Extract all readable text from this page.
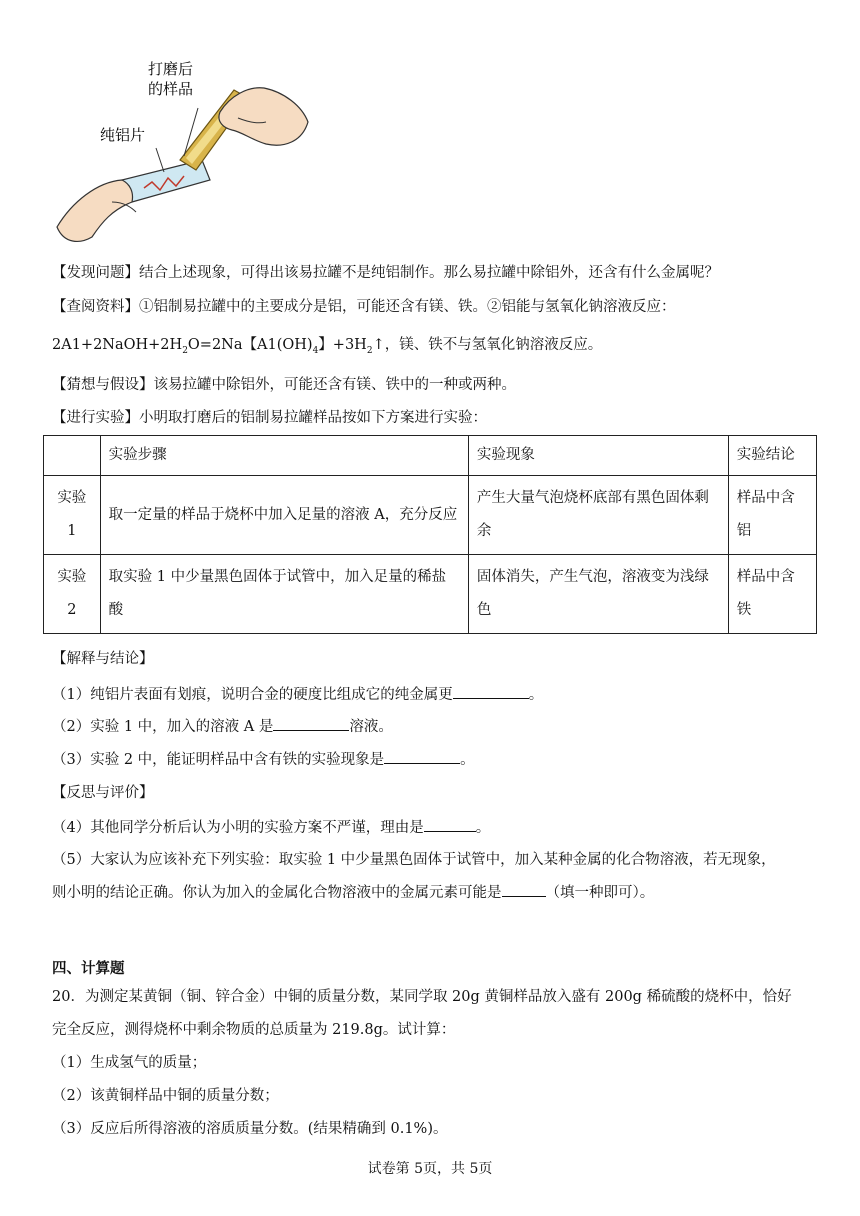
打磨后
的样品
纯铝片
【发现问题】结合上述现象，可得出该易拉罐不是纯铝制作。那么易拉罐中除铝外，还含有什么金属呢？
【查阅资料】①铝制易拉罐中的主要成分是铝，可能还含有镁、铁。②铝能与氢氧化钠溶液反应：
$2A1+2NaOH+2H_2O=2Na$【$A1(OH)_4$】$+3H_2↑$，镁、铁不与氢氧化钠溶液反应。
【猜想与假设】该易拉罐中除铝外，可能还含有镁、铁中的一种或两种。
【进行实验】小明取打磨后的铝制易拉罐样品按如下方案进行实验：
	实验步骤	实验现象	实验结论
实验 1	取一定量的样品于烧杯中加入足量的溶液 A，充分反应	产生大量气泡烧杯底部有黑色固体剩余	样品中含铝
实验 2	取实验 1 中少量黑色固体于试管中，加入足量的稀盐酸	固体消失，产生气泡，溶液变为浅绿色	样品中含铁
【解释与结论】
（1）纯铝片表面有划痕，说明合金的硬度比组成它的纯金属更	。
（2）实验 1 中，加入的溶液 A 是	溶液。
（3）实验 2 中，能证明样品中含有铁的实验现象是	。
【反思与评价】
（4）其他同学分析后认为小明的实验方案不严谨，理由是	。
（5）大家认为应该补充下列实验：取实验 1 中少量黑色固体于试管中，加入某种金属的化合物溶液，若无现象，
则小明的结论正确。你认为加入的金属化合物溶液中的金属元素可能是	（填一种即可）。
四、计算题
20．为测定某黄铜（铜、锌合金）中铜的质量分数，某同学取 20g 黄铜样品放入盛有 200g 稀硫酸的烧杯中，恰好
完全反应，测得烧杯中剩余物质的总质量为 219.8g。试计算：
（1）生成氢气的质量；
（2）该黄铜样品中铜的质量分数；
（3）反应后所得溶液的溶质质量分数。(结果精确到 0.1%)。
试卷第 5页，共 5页
